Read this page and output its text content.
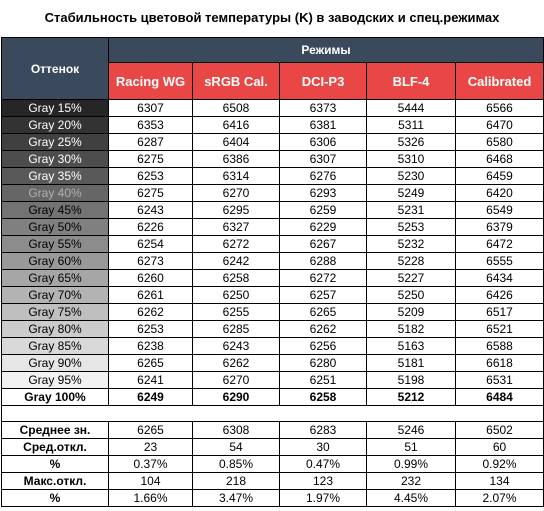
Стабильность цветовой температуры (K) в заводских и спец.режимах
Оттенок	Режимы				
	Racing WG	sRGB Cal.	DCI-P3	BLF-4	Calibrated
Gray 15%	6307	6508	6373	5444	6566
Gray 20%	6353	6416	6381	5311	6470
Gray 25%	6287	6404	6306	5326	6580
Gray 30%	6275	6386	6307	5310	6468
Gray 35%	6253	6314	6276	5230	6459
Gray 40%	6275	6270	6293	5249	6420
Gray 45%	6243	6295	6259	5231	6549
Gray 50%	6226	6327	6229	5253	6379
Gray 55%	6254	6272	6267	5232	6472
Gray 60%	6273	6242	6288	5228	6555
Gray 65%	6260	6258	6272	5227	6434
Gray 70%	6261	6250	6257	5250	6426
Gray 75%	6262	6255	6265	5209	6517
Gray 80%	6253	6285	6262	5182	6521
Gray 85%	6238	6243	6256	5163	6588
Gray 90%	6265	6262	6280	5181	6618
Gray 95%	6241	6270	6251	5198	6531
Gray 100%	6249	6290	6258	5212	6484

Среднее зн.	6265	6308	6283	5246	6502
Сред.откл.	23	54	30	51	60
%	0.37%	0.85%	0.47%	0.99%	0.92%
Макс.откл.	104	218	123	232	134
%	1.66%	3.47%	1.97%	4.45%	2.07%
